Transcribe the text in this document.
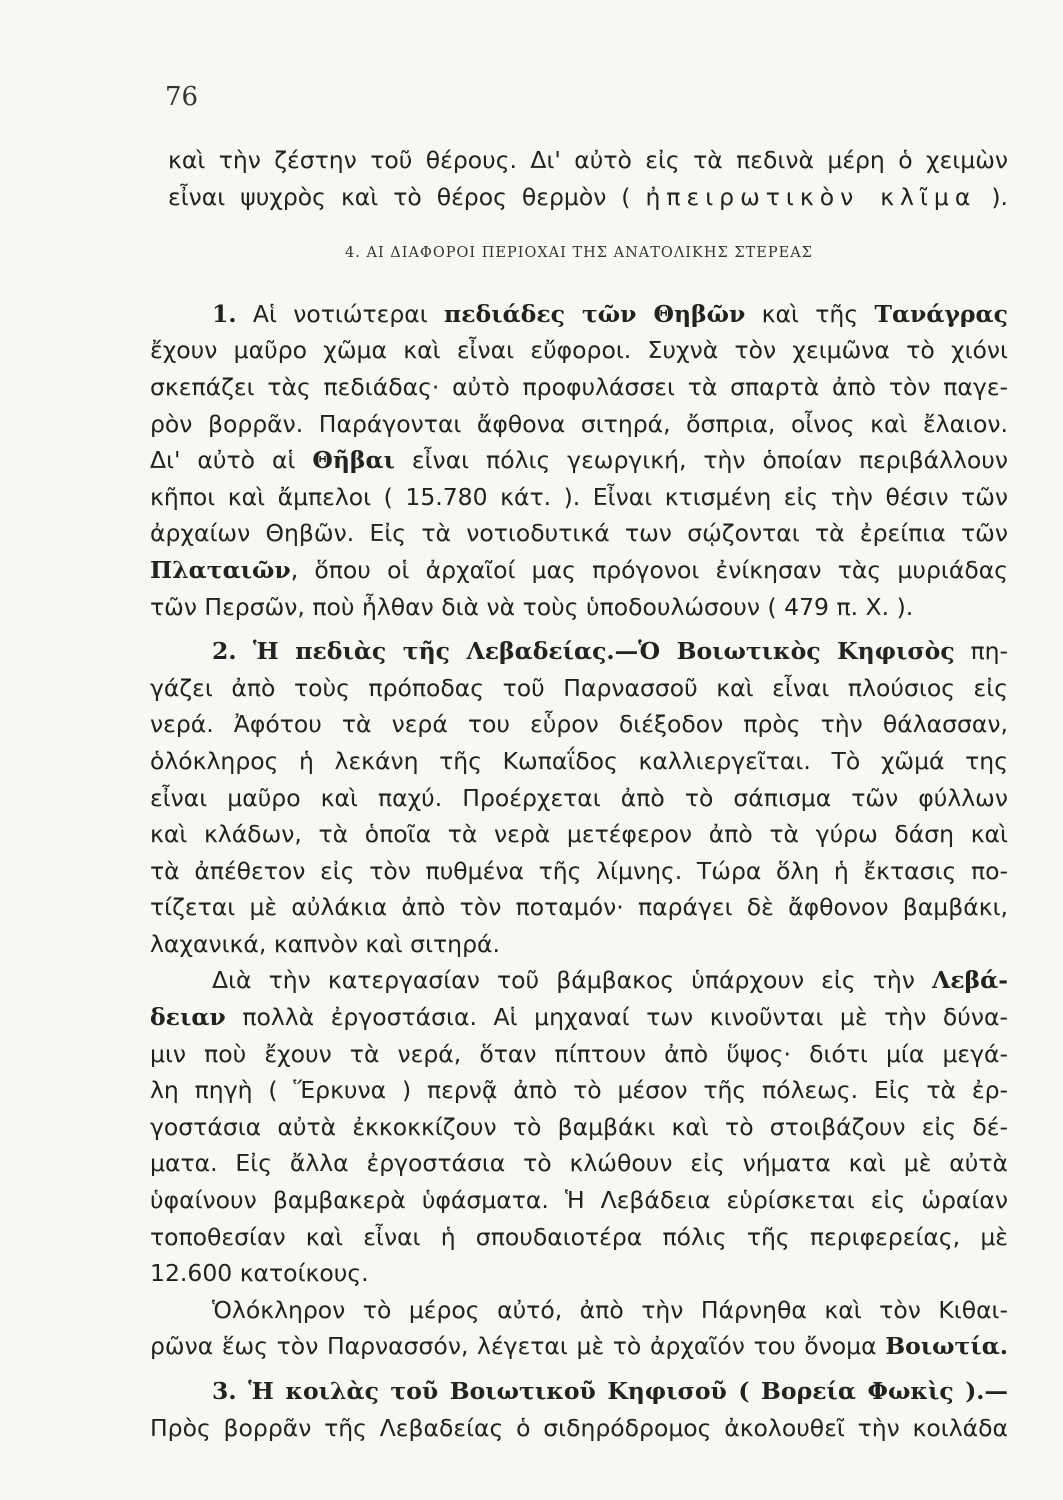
76
καὶ τὴν ζέστην τοῦ θέρους. Δι' αὐτὸ εἰς τὰ πεδινὰ μέρη ὁ χειμὼν
εἶναι ψυχρὸς καὶ τὸ θέρος θερμὸν ( ἠπειρωτικὸν κλῖμα ).
4. ΑΙ ΔΙΑΦΟΡΟΙ ΠΕΡΙΟΧΑΙ ΤΗΣ ΑΝΑΤΟΛΙΚΗΣ ΣΤΕΡΕΑΣ
1. Αἱ νοτιώτεραι πεδιάδες τῶν Θηβῶν καὶ τῆς Τανάγρας
ἔχουν μαῦρο χῶμα καὶ εἶναι εὔφοροι. Συχνὰ τὸν χειμῶνα τὸ χιόνι
σκεπάζει τὰς πεδιάδας· αὐτὸ προφυλάσσει τὰ σπαρτὰ ἀπὸ τὸν παγε-
ρὸν βορρᾶν. Παράγονται ἄφθονα σιτηρά, ὄσπρια, οἶνος καὶ ἔλαιον.
Δι' αὐτὸ αἱ Θῆβαι εἶναι πόλις γεωργική, τὴν ὁποίαν περιβάλλουν
κῆποι καὶ ἄμπελοι ( 15.780 κάτ. ). Εἶναι κτισμένη εἰς τὴν θέσιν τῶν
ἀρχαίων Θηβῶν. Εἰς τὰ νοτιοδυτικά των σῴζονται τὰ ἐρείπια τῶν
Πλαταιῶν, ὅπου οἱ ἀρχαῖοί μας πρόγονοι ἐνίκησαν τὰς μυριάδας
τῶν Περσῶν, ποὺ ἦλθαν διὰ νὰ τοὺς ὑποδουλώσουν ( 479 π. Χ. ).
2. Ἡ πεδιὰς τῆς Λεβαδείας.—Ὁ Βοιωτικὸς Κηφισὸς πη-
γάζει ἀπὸ τοὺς πρόποδας τοῦ Παρνασσοῦ καὶ εἶναι πλούσιος εἰς
νερά. Ἀφότου τὰ νερά του εὗρον διέξοδον πρὸς τὴν θάλασσαν,
ὁλόκληρος ἡ λεκάνη τῆς Κωπαΐδος καλλιεργεῖται. Τὸ χῶμά της
εἶναι μαῦρο καὶ παχύ. Προέρχεται ἀπὸ τὸ σάπισμα τῶν φύλλων
καὶ κλάδων, τὰ ὁποῖα τὰ νερὰ μετέφερον ἀπὸ τὰ γύρω δάση καὶ
τὰ ἀπέθετον εἰς τὸν πυθμένα τῆς λίμνης. Τώρα ὅλη ἡ ἔκτασις πο-
τίζεται μὲ αὐλάκια ἀπὸ τὸν ποταμόν· παράγει δὲ ἄφθονον βαμβάκι,
λαχανικά, καπνὸν καὶ σιτηρά.
Διὰ τὴν κατεργασίαν τοῦ βάμβακος ὑπάρχουν εἰς τὴν Λεβά-
δειαν πολλὰ ἐργοστάσια. Αἱ μηχαναί των κινοῦνται μὲ τὴν δύνα-
μιν ποὺ ἔχουν τὰ νερά, ὅταν πίπτουν ἀπὸ ὕψος· διότι μία μεγά-
λη πηγὴ ( Ἕρκυνα ) περνᾷ ἀπὸ τὸ μέσον τῆς πόλεως. Εἰς τὰ ἐρ-
γοστάσια αὐτὰ ἐκκοκκίζουν τὸ βαμβάκι καὶ τὸ στοιβάζουν εἰς δέ-
ματα. Εἰς ἄλλα ἐργοστάσια τὸ κλώθουν εἰς νήματα καὶ μὲ αὐτὰ
ὑφαίνουν βαμβακερὰ ὑφάσματα. Ἡ Λεβάδεια εὑρίσκεται εἰς ὡραίαν
τοποθεσίαν καὶ εἶναι ἡ σπουδαιοτέρα πόλις τῆς περιφερείας, μὲ
12.600 κατοίκους.
Ὁλόκληρον τὸ μέρος αὐτό, ἀπὸ τὴν Πάρνηθα καὶ τὸν Κιθαι-
ρῶνα ἕως τὸν Παρνασσόν, λέγεται μὲ τὸ ἀρχαῖόν του ὄνομα Βοιωτία.
3. Ἡ κοιλὰς τοῦ Βοιωτικοῦ Κηφισοῦ ( Βορεία Φωκὶς ).—
Πρὸς βορρᾶν τῆς Λεβαδείας ὁ σιδηρόδρομος ἀκολουθεῖ τὴν κοιλάδα
